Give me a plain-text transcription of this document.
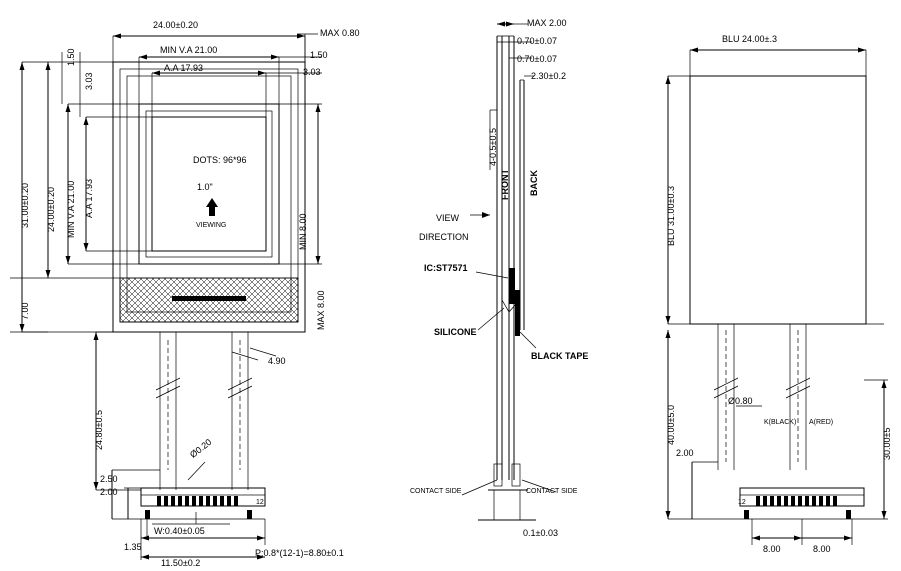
24.00±0.20
MAX 0.80
MIN V.A 21.00
A.A 17.93
1.50
3.03
1.50
3.03
31.00±0.20 24.00±0.20 MIN V.A 21.00 A.A 17.93
7.00	MAX 8.00
MIN 8.00
DOTS: 96*96
1.0"
VIEWING
4.90
24.80±0.5
2.50
2.00
Ø0.20
12
W:0.40±0.05
1.35
11.50±0.2
P:0.8*(12-1)=8.80±0.1
MAX 2.00
0.70±0.07
0.70±0.07
2.30±0.2
4-0.5±0.5
FRONT BACK
VIEW
DIRECTION
IC:ST7571
SILICONE
BLACK TAPE
CONTACT SIDE	CONTACT SIDE
0.1±0.03
BLU 24.00±.3
BLU 31.00±0.3
40.00±5.0	30.00±5
2.00
Ø0.80
K(BLACK) A(RED)
12
8.00	8.00
